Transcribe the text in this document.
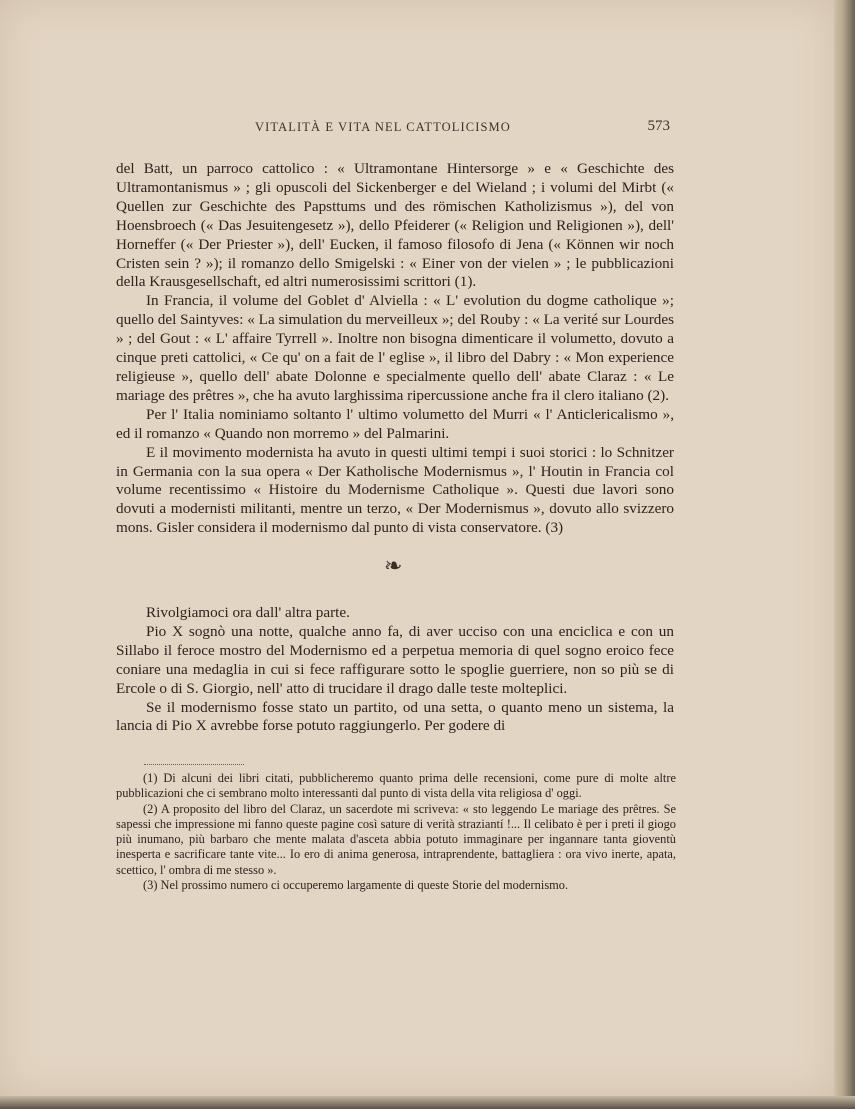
VITALITÀ E VITA NEL CATTOLICISMO	573

del Batt, un parroco cattolico : « Ultramontane Hintersorge » e « Geschichte des Ultramontanismus » ; gli opuscoli del Sickenberger e del Wieland ; i volumi del Mirbt (« Quellen zur Geschichte des Papsttums und des römischen Katholizismus »), del von Hoensbroech (« Das Jesuitengesetz »), dello Pfeiderer (« Religion und Religionen »), dell' Horneffer (« Der Priester »), dell' Eucken, il famoso filosofo di Jena (« Können wir noch Cristen sein ? »); il romanzo dello Smigelski : « Einer von der vielen » ; le pubblicazioni della Krausgesellschaft, ed altri numerosissimi scrittori (1).

In Francia, il volume del Goblet d' Alviella : « L' evolution du dogme catholique »; quello del Saintyves: « La simulation du merveilleux »; del Rouby : « La verité sur Lourdes » ; del Gout : « L' affaire Tyrrell ». Inoltre non bisogna dimenticare il volumetto, dovuto a cinque preti cattolici, « Ce qu' on a fait de l' eglise », il libro del Dabry : « Mon experience religieuse », quello dell' abate Dolonne e specialmente quello dell' abate Claraz : « Le mariage des prêtres », che ha avuto larghissima ripercussione anche fra il clero italiano (2).

Per l' Italia nominiamo soltanto l' ultimo volumetto del Murri « l' Anticlericalismo », ed il romanzo « Quando non morremo » del Palmarini.

E il movimento modernista ha avuto in questi ultimi tempi i suoi storici : lo Schnitzer in Germania con la sua opera « Der Katholische Modernismus », l' Houtin in Francia col volume recentissimo « Histoire du Modernisme Catholique ». Questi due lavori sono dovuti a modernisti militanti, mentre un terzo, « Der Modernismus », dovuto allo svizzero mons. Gisler considera il modernismo dal punto di vista conservatore. (3)

❧

Rivolgiamoci ora dall' altra parte.

Pio X sognò una notte, qualche anno fa, di aver ucciso con una enciclica e con un Sillabo il feroce mostro del Modernismo ed a perpetua memoria di quel sogno eroico fece coniare una medaglia in cui si fece raffigurare sotto le spoglie guerriere, non so più se di Ercole o di S. Giorgio, nell' atto di trucidare il drago dalle teste molteplici.

Se il modernismo fosse stato un partito, od una setta, o quanto meno un sistema, la lancia di Pio X avrebbe forse potuto raggiungerlo. Per godere di

(1) Di alcuni dei libri citati, pubblicheremo quanto prima delle recensioni, come pure di molte altre pubblicazioni che ci sembrano molto interessanti dal punto di vista della vita religiosa d' oggi.

(2) A proposito del libro del Claraz, un sacerdote mi scriveva: « sto leggendo Le mariage des prêtres. Se sapessi che impressione mi fanno queste pagine così sature di verità straziantí !... Il celibato è per i preti il giogo più inumano, più barbaro che mente malata d'asceta abbia potuto immaginare per ingannare tanta gioventù inesperta e sacrificare tante vite... Io ero di anima generosa, intraprendente, battagliera : ora vivo inerte, apata, scettico, l' ombra di me stesso ».

(3) Nel prossimo numero ci occuperemo largamente di queste Storie del modernismo.
